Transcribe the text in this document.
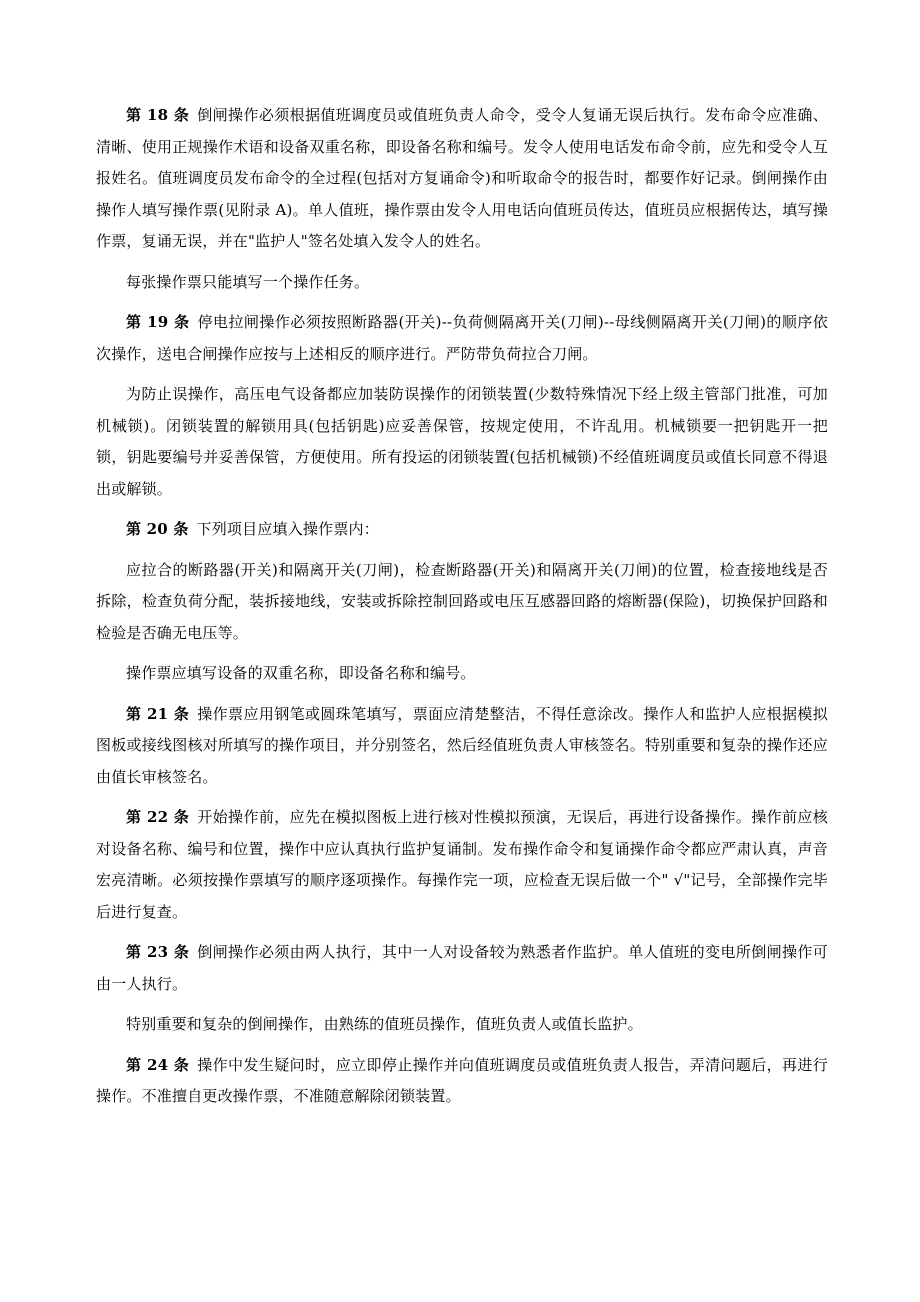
第 18 条 倒闸操作必须根据值班调度员或值班负责人命令，受令人复诵无误后执行。发布命令应准确、清晰、使用正规操作术语和设备双重名称，即设备名称和编号。发令人使用电话发布命令前，应先和受令人互报姓名。值班调度员发布命令的全过程(包括对方复诵命令)和听取命令的报告时，都要作好记录。倒闸操作由操作人填写操作票(见附录 A)。单人值班，操作票由发令人用电话向值班员传达，值班员应根据传达，填写操作票，复诵无误，并在"监护人"签名处填入发令人的姓名。

每张操作票只能填写一个操作任务。

第 19 条 停电拉闸操作必须按照断路器(开关)--负荷侧隔离开关(刀闸)--母线侧隔离开关(刀闸)的顺序依次操作，送电合闸操作应按与上述相反的顺序进行。严防带负荷拉合刀闸。

为防止误操作，高压电气设备都应加装防误操作的闭锁装置(少数特殊情况下经上级主管部门批准，可加机械锁)。闭锁装置的解锁用具(包括钥匙)应妥善保管，按规定使用，不许乱用。机械锁要一把钥匙开一把锁，钥匙要编号并妥善保管，方便使用。所有投运的闭锁装置(包括机械锁)不经值班调度员或值长同意不得退出或解锁。

第 20 条 下列项目应填入操作票内：

应拉合的断路器(开关)和隔离开关(刀闸)，检查断路器(开关)和隔离开关(刀闸)的位置，检查接地线是否拆除，检查负荷分配，装拆接地线，安装或拆除控制回路或电压互感器回路的熔断器(保险)，切换保护回路和检验是否确无电压等。

操作票应填写设备的双重名称，即设备名称和编号。

第 21 条 操作票应用钢笔或圆珠笔填写，票面应清楚整洁，不得任意涂改。操作人和监护人应根据模拟图板或接线图核对所填写的操作项目，并分别签名，然后经值班负责人审核签名。特别重要和复杂的操作还应由值长审核签名。

第 22 条 开始操作前，应先在模拟图板上进行核对性模拟预演，无误后，再进行设备操作。操作前应核对设备名称、编号和位置，操作中应认真执行监护复诵制。发布操作命令和复诵操作命令都应严肃认真，声音宏亮清晰。必须按操作票填写的顺序逐项操作。每操作完一项，应检查无误后做一个" √"记号，全部操作完毕后进行复查。

第 23 条 倒闸操作必须由两人执行，其中一人对设备较为熟悉者作监护。单人值班的变电所倒闸操作可由一人执行。

特别重要和复杂的倒闸操作，由熟练的值班员操作，值班负责人或值长监护。

第 24 条 操作中发生疑问时，应立即停止操作并向值班调度员或值班负责人报告，弄清问题后，再进行操作。不准擅自更改操作票，不准随意解除闭锁装置。
